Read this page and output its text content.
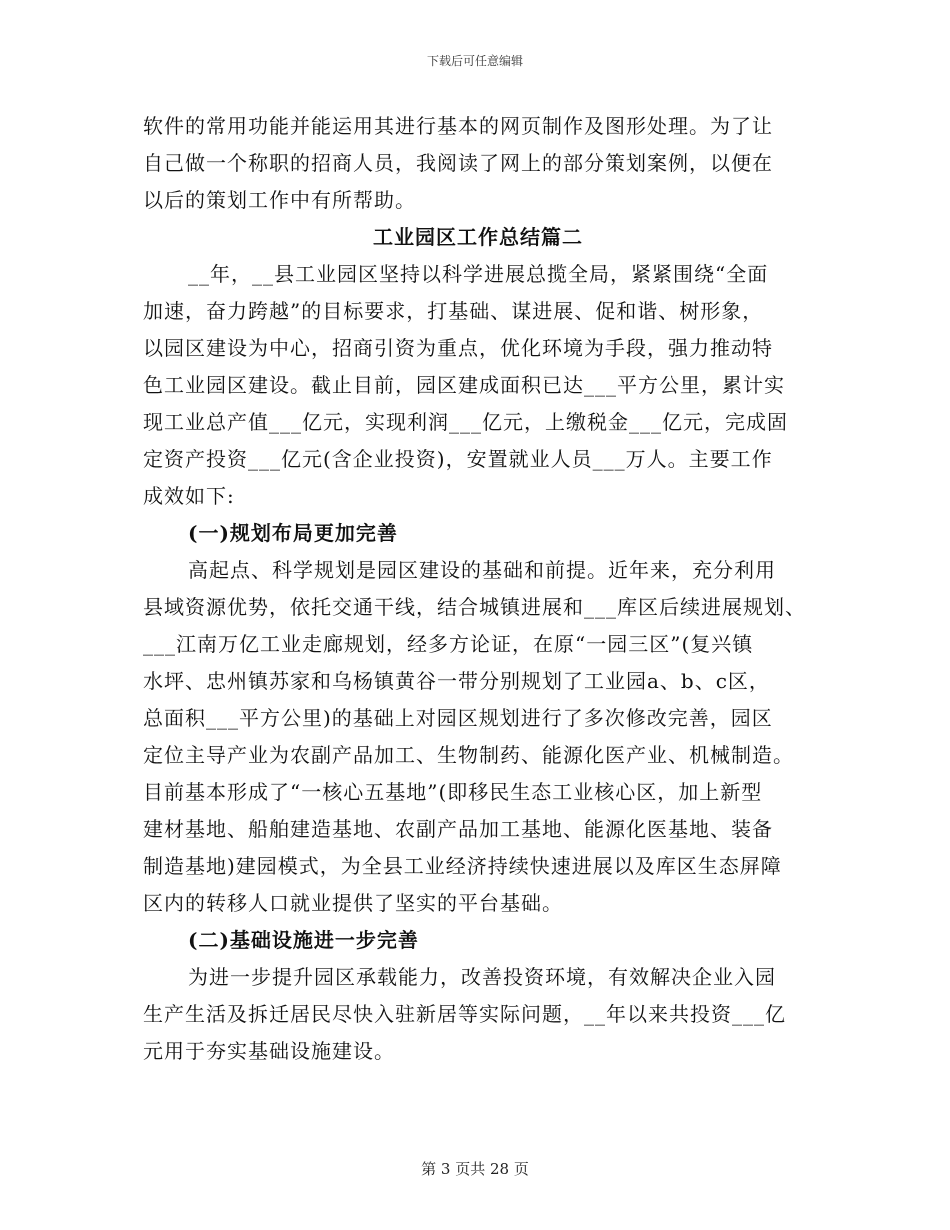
下载后可任意编辑
软件的常用功能并能运用其进行基本的网页制作及图形处理。为了让
自己做一个称职的招商人员，我阅读了网上的部分策划案例，以便在
以后的策划工作中有所帮助。
工业园区工作总结篇二
__年，__县工业园区坚持以科学进展总揽全局，紧紧围绕“全面
加速，奋力跨越”的目标要求，打基础、谋进展、促和谐、树形象，
以园区建设为中心，招商引资为重点，优化环境为手段，强力推动特
色工业园区建设。截止目前，园区建成面积已达___平方公里，累计实
现工业总产值___亿元，实现利润___亿元，上缴税金___亿元，完成固
定资产投资___亿元(含企业投资)，安置就业人员___万人。主要工作
成效如下:
(一)规划布局更加完善
高起点、科学规划是园区建设的基础和前提。近年来，充分利用
县域资源优势，依托交通干线，结合城镇进展和___库区后续进展规划、
___江南万亿工业走廊规划，经多方论证，在原“一园三区”(复兴镇
水坪、忠州镇苏家和乌杨镇黄谷一带分别规划了工业园a、b、c区，
总面积___平方公里)的基础上对园区规划进行了多次修改完善，园区
定位主导产业为农副产品加工、生物制药、能源化医产业、机械制造。
目前基本形成了“一核心五基地”(即移民生态工业核心区，加上新型
建材基地、船舶建造基地、农副产品加工基地、能源化医基地、装备
制造基地)建园模式，为全县工业经济持续快速进展以及库区生态屏障
区内的转移人口就业提供了坚实的平台基础。
(二)基础设施进一步完善
为进一步提升园区承载能力，改善投资环境，有效解决企业入园
生产生活及拆迁居民尽快入驻新居等实际问题，__年以来共投资___亿
元用于夯实基础设施建设。
第 3 页共 28 页
